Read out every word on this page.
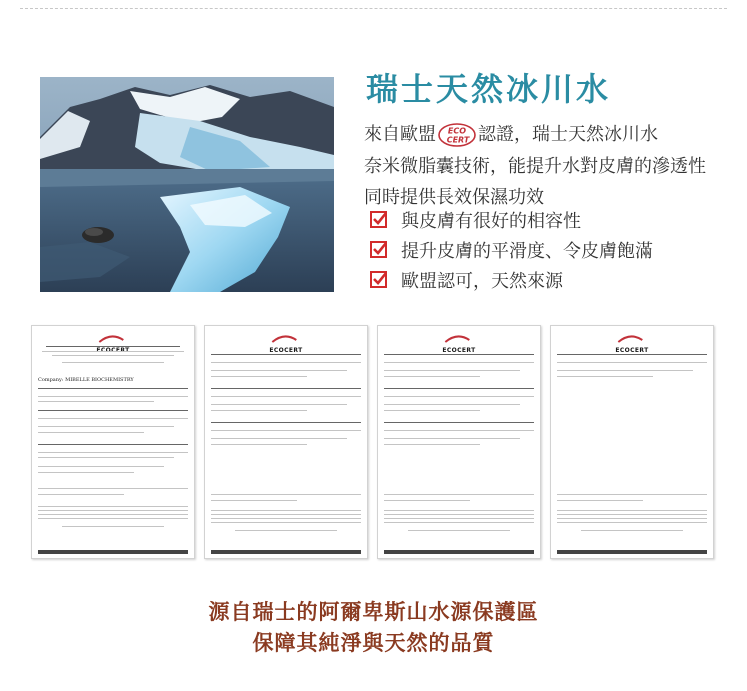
瑞士天然冰川水
來自歐盟 ECO
CERT 認證，瑞士天然冰川水
奈米微脂囊技術，能提升水對皮膚的滲透性
同時提供長效保濕功效
與皮膚有很好的相容性
提升皮膚的平滑度、令皮膚飽滿
歐盟認可，天然來源
Company: MIBELLE BIOCHEMISTRY
ECOCERT	ECOCERT	ECOCERT
源自瑞士的阿爾卑斯山水源保護區
保障其純淨與天然的品質
